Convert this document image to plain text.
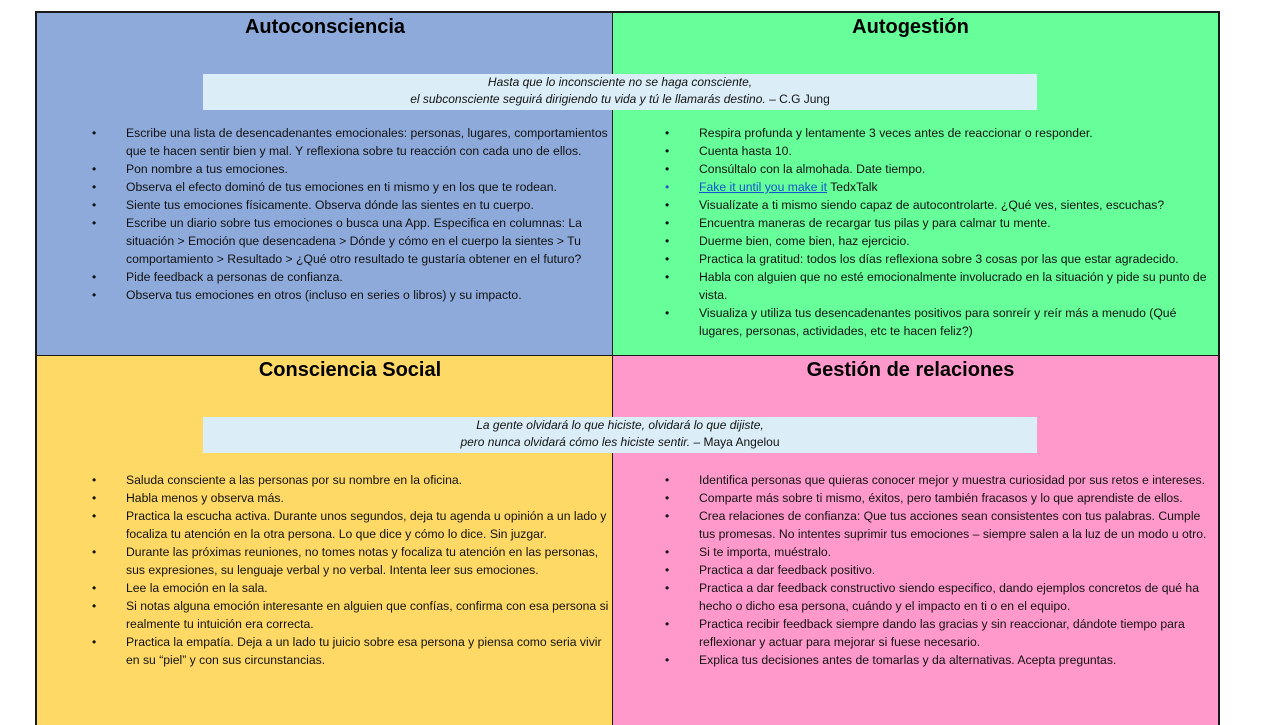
Autoconsciencia	Autogestión
Consciencia Social	Gestión de relaciones
Hasta que lo inconsciente no se haga consciente,
el subconsciente seguirá dirigiendo tu vida y tú le llamarás destino. – C.G Jung
La gente olvidará lo que hiciste, olvidará lo que dijiste,
pero nunca olvidará cómo les hiciste sentir. – Maya Angelou
• Escribe una lista de desencadenantes emocionales: personas, lugares, comportamientos que te hacen sentir bien y mal. Y reflexiona sobre tu reacción con cada uno de ellos.
• Pon nombre a tus emociones.
• Observa el efecto dominó de tus emociones en ti mismo y en los que te rodean.
• Siente tus emociones físicamente. Observa dónde las sientes en tu cuerpo.
• Escribe un diario sobre tus emociones o busca una App. Especifica en columnas: La situación > Emoción que desencadena > Dónde y cómo en el cuerpo la sientes > Tu comportamiento > Resultado > ¿Qué otro resultado te gustaría obtener en el futuro?
• Pide feedback a personas de confianza.
• Observa tus emociones en otros (incluso en series o libros) y su impacto.
• Respira profunda y lentamente 3 veces antes de reaccionar o responder.
• Cuenta hasta 10.
• Consúltalo con la almohada. Date tiempo.
• Fake it until you make it TedxTalk
• Visualízate a ti mismo siendo capaz de autocontrolarte. ¿Qué ves, sientes, escuchas?
• Encuentra maneras de recargar tus pilas y para calmar tu mente.
• Duerme bien, come bien, haz ejercicio.
• Practica la gratitud: todos los días reflexiona sobre 3 cosas por las que estar agradecido.
• Habla con alguien que no esté emocionalmente involucrado en la situación y pide su punto de vista.
• Visualiza y utiliza tus desencadenantes positivos para sonreír y reír más a menudo (Qué lugares, personas, actividades, etc te hacen feliz?)
• Saluda consciente a las personas por su nombre en la oficina.
• Habla menos y observa más.
• Practica la escucha activa. Durante unos segundos, deja tu agenda u opinión a un lado y focaliza tu atención en la otra persona. Lo que dice y cómo lo dice. Sin juzgar.
• Durante las próximas reuniones, no tomes notas y focaliza tu atención en las personas, sus expresiones, su lenguaje verbal y no verbal. Intenta leer sus emociones.
• Lee la emoción en la sala.
• Si notas alguna emoción interesante en alguien que confías, confirma con esa persona si realmente tu intuición era correcta.
• Practica la empatía. Deja a un lado tu juicio sobre esa persona y piensa como seria vivir en su “piel” y con sus circunstancias.
• Identifica personas que quieras conocer mejor y muestra curiosidad por sus retos e intereses.
• Comparte más sobre ti mismo, éxitos, pero también fracasos y lo que aprendiste de ellos.
• Crea relaciones de confianza: Que tus acciones sean consistentes con tus palabras. Cumple tus promesas. No intentes suprimir tus emociones – siempre salen a la luz de un modo u otro.
• Si te importa, muéstralo.
• Practica a dar feedback positivo.
• Practica a dar feedback constructivo siendo especifico, dando ejemplos concretos de qué ha hecho o dicho esa persona, cuándo y el impacto en ti o en el equipo.
• Practica recibir feedback siempre dando las gracias y sin reaccionar, dándote tiempo para reflexionar y actuar para mejorar si fuese necesario.
• Explica tus decisiones antes de tomarlas y da alternativas. Acepta preguntas.
